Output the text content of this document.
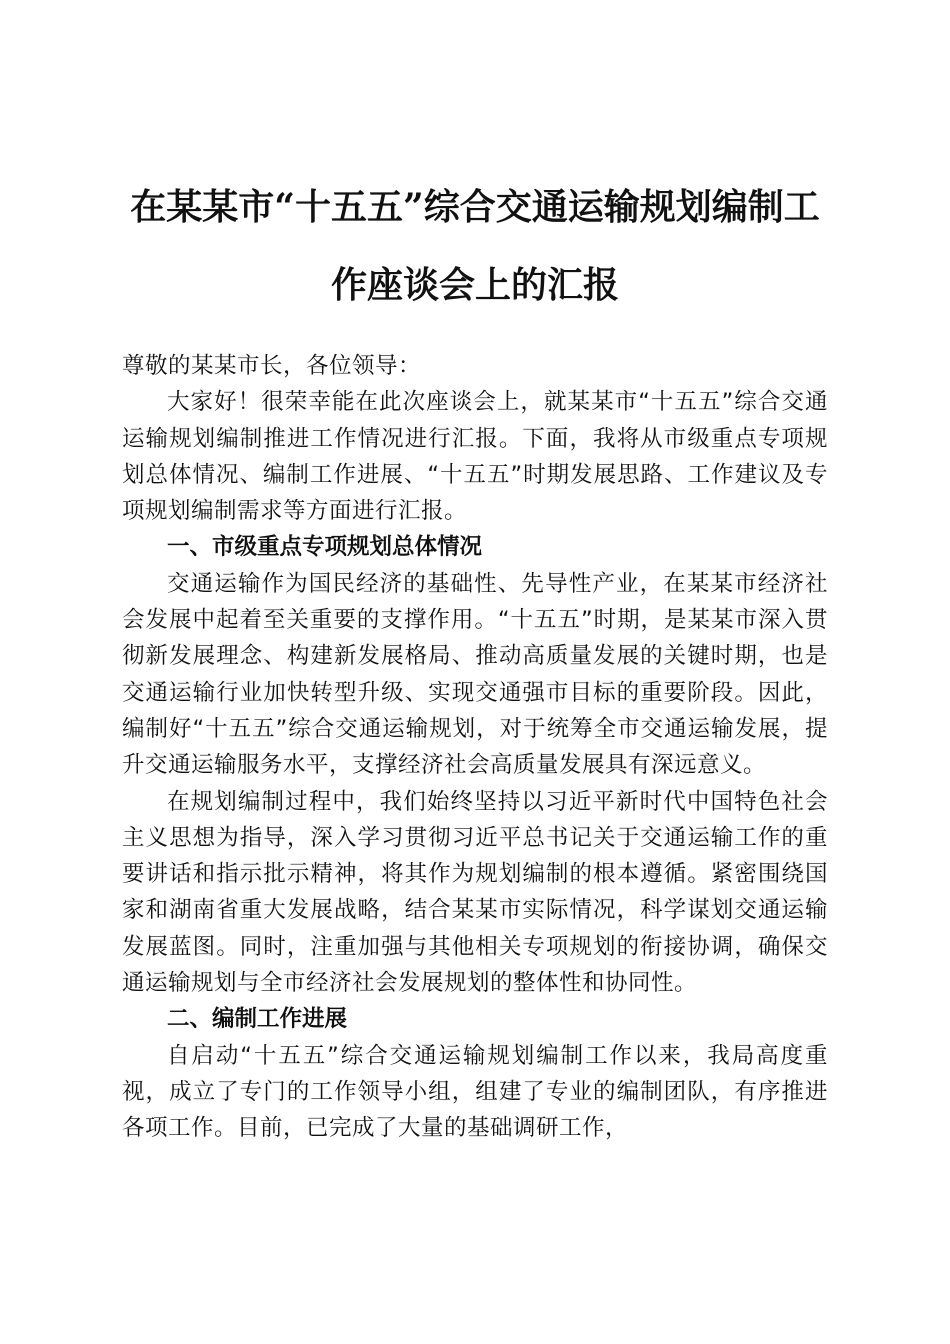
在某某市“十五五”综合交通运输规划编制工
作座谈会上的汇报

尊敬的某某市长，各位领导：

大家好！很荣幸能在此次座谈会上，就某某市“十五五”综合交通运输规划编制推进工作情况进行汇报。下面，我将从市级重点专项规划总体情况、编制工作进展、“十五五”时期发展思路、工作建议及专项规划编制需求等方面进行汇报。

一、市级重点专项规划总体情况

交通运输作为国民经济的基础性、先导性产业，在某某市经济社会发展中起着至关重要的支撑作用。“十五五”时期，是某某市深入贯彻新发展理念、构建新发展格局、推动高质量发展的关键时期，也是交通运输行业加快转型升级、实现交通强市目标的重要阶段。因此，编制好“十五五”综合交通运输规划，对于统筹全市交通运输发展，提升交通运输服务水平，支撑经济社会高质量发展具有深远意义。

在规划编制过程中，我们始终坚持以习近平新时代中国特色社会主义思想为指导，深入学习贯彻习近平总书记关于交通运输工作的重要讲话和指示批示精神，将其作为规划编制的根本遵循。紧密围绕国家和湖南省重大发展战略，结合某某市实际情况，科学谋划交通运输发展蓝图。同时，注重加强与其他相关专项规划的衔接协调，确保交通运输规划与全市经济社会发展规划的整体性和协同性。

二、编制工作进展

自启动“十五五”综合交通运输规划编制工作以来，我局高度重视，成立了专门的工作领导小组，组建了专业的编制团队，有序推进各项工作。目前，已完成了大量的基础调研工作，
